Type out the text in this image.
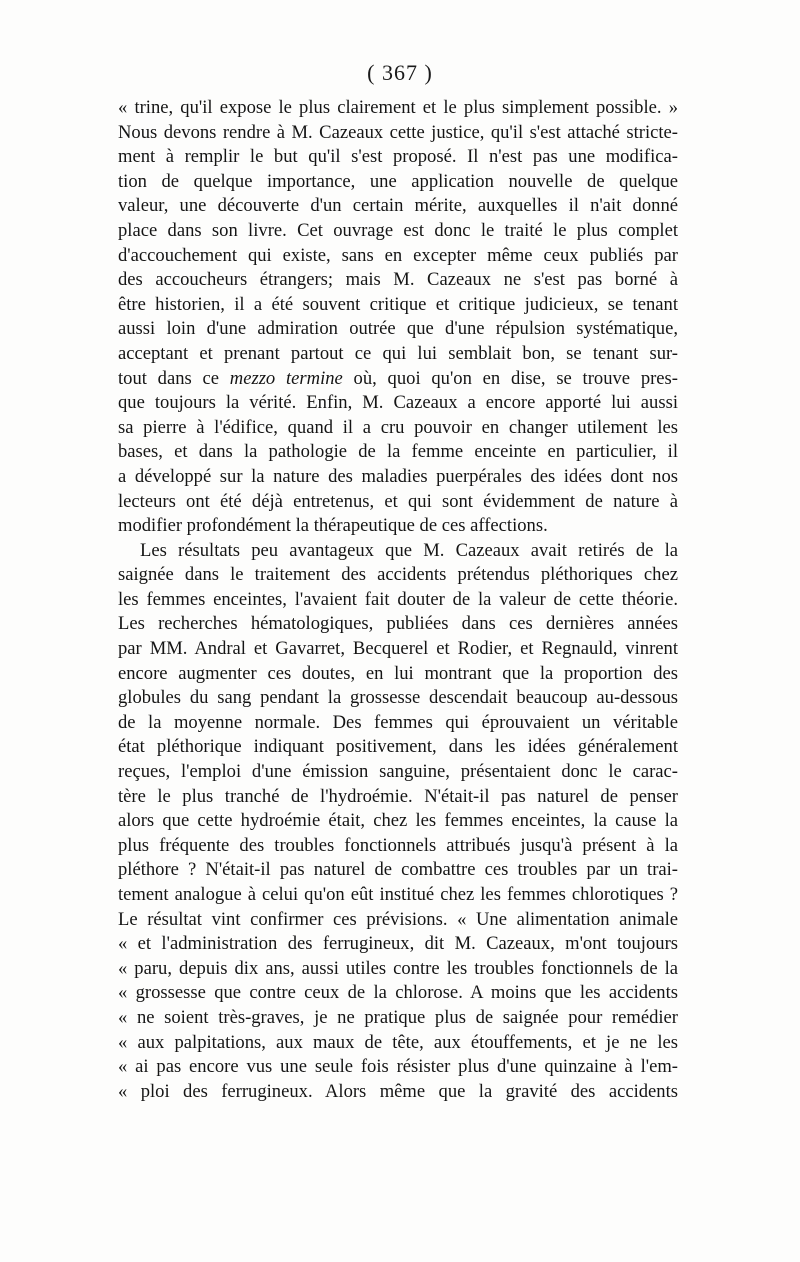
( 367 )
« trine, qu'il expose le plus clairement et le plus simplement possible. »
Nous devons rendre à M. Cazeaux cette justice, qu'il s'est attaché stricte-
ment à remplir le but qu'il s'est proposé. Il n'est pas une modifica-
tion de quelque importance, une application nouvelle de quelque
valeur, une découverte d'un certain mérite, auxquelles il n'ait donné
place dans son livre. Cet ouvrage est donc le traité le plus complet
d'accouchement qui existe, sans en excepter même ceux publiés par
des accoucheurs étrangers; mais M. Cazeaux ne s'est pas borné à
être historien, il a été souvent critique et critique judicieux, se tenant
aussi loin d'une admiration outrée que d'une répulsion systématique,
acceptant et prenant partout ce qui lui semblait bon, se tenant sur-
tout dans ce mezzo termine où, quoi qu'on en dise, se trouve pres-
que toujours la vérité. Enfin, M. Cazeaux a encore apporté lui aussi
sa pierre à l'édifice, quand il a cru pouvoir en changer utilement les
bases, et dans la pathologie de la femme enceinte en particulier, il
a développé sur la nature des maladies puerpérales des idées dont nos
lecteurs ont été déjà entretenus, et qui sont évidemment de nature à
modifier profondément la thérapeutique de ces affections.
Les résultats peu avantageux que M. Cazeaux avait retirés de la
saignée dans le traitement des accidents prétendus pléthoriques chez
les femmes enceintes, l'avaient fait douter de la valeur de cette théorie.
Les recherches hématologiques, publiées dans ces dernières années
par MM. Andral et Gavarret, Becquerel et Rodier, et Regnauld, vinrent
encore augmenter ces doutes, en lui montrant que la proportion des
globules du sang pendant la grossesse descendait beaucoup au-dessous
de la moyenne normale. Des femmes qui éprouvaient un véritable
état pléthorique indiquant positivement, dans les idées généralement
reçues, l'emploi d'une émission sanguine, présentaient donc le carac-
tère le plus tranché de l'hydroémie. N'était-il pas naturel de penser
alors que cette hydroémie était, chez les femmes enceintes, la cause la
plus fréquente des troubles fonctionnels attribués jusqu'à présent à la
pléthore ? N'était-il pas naturel de combattre ces troubles par un trai-
tement analogue à celui qu'on eût institué chez les femmes chlorotiques ?
Le résultat vint confirmer ces prévisions. « Une alimentation animale
« et l'administration des ferrugineux, dit M. Cazeaux, m'ont toujours
« paru, depuis dix ans, aussi utiles contre les troubles fonctionnels de la
« grossesse que contre ceux de la chlorose. A moins que les accidents
« ne soient très-graves, je ne pratique plus de saignée pour remédier
« aux palpitations, aux maux de tête, aux étouffements, et je ne les
« ai pas encore vus une seule fois résister plus d'une quinzaine à l'em-
« ploi des ferrugineux. Alors même que la gravité des accidents
